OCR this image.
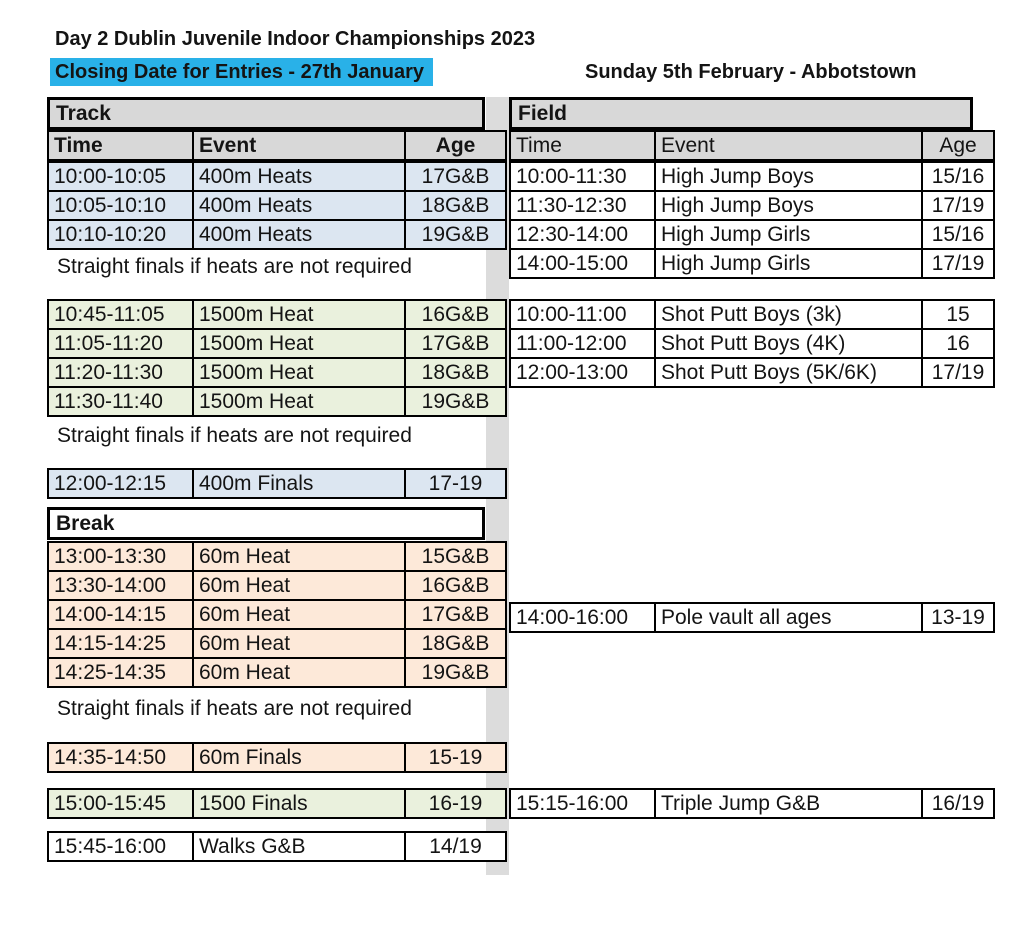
Day 2 Dublin Juvenile Indoor Championships 2023
Closing Date for Entries - 27th January	Sunday 5th February - Abbotstown
Track
Time	Event	Age
10:00-10:05	400m Heats	17G&B
10:05-10:10	400m Heats	18G&B
10:10-10:20	400m Heats	19G&B
Straight finals if heats are not required
10:45-11:05	1500m Heat	16G&B
11:05-11:20	1500m Heat	17G&B
11:20-11:30	1500m Heat	18G&B
11:30-11:40	1500m Heat	19G&B
Straight finals if heats are not required
12:00-12:15	400m Finals	17-19
Break
13:00-13:30	60m Heat	15G&B
13:30-14:00	60m Heat	16G&B
14:00-14:15	60m Heat	17G&B
14:15-14:25	60m Heat	18G&B
14:25-14:35	60m Heat	19G&B
Straight finals if heats are not required
14:35-14:50	60m Finals	15-19
15:00-15:45	1500 Finals	16-19
15:45-16:00	Walks G&B	14/19
Field
Time	Event	Age
10:00-11:30	High Jump Boys	15/16
11:30-12:30	High Jump Boys	17/19
12:30-14:00	High Jump Girls	15/16
14:00-15:00	High Jump Girls	17/19
10:00-11:00	Shot Putt Boys (3k)	15
11:00-12:00	Shot Putt Boys (4K)	16
12:00-13:00	Shot Putt Boys (5K/6K)	17/19
14:00-16:00	Pole vault all ages	13-19
15:15-16:00	Triple Jump G&B	16/19
